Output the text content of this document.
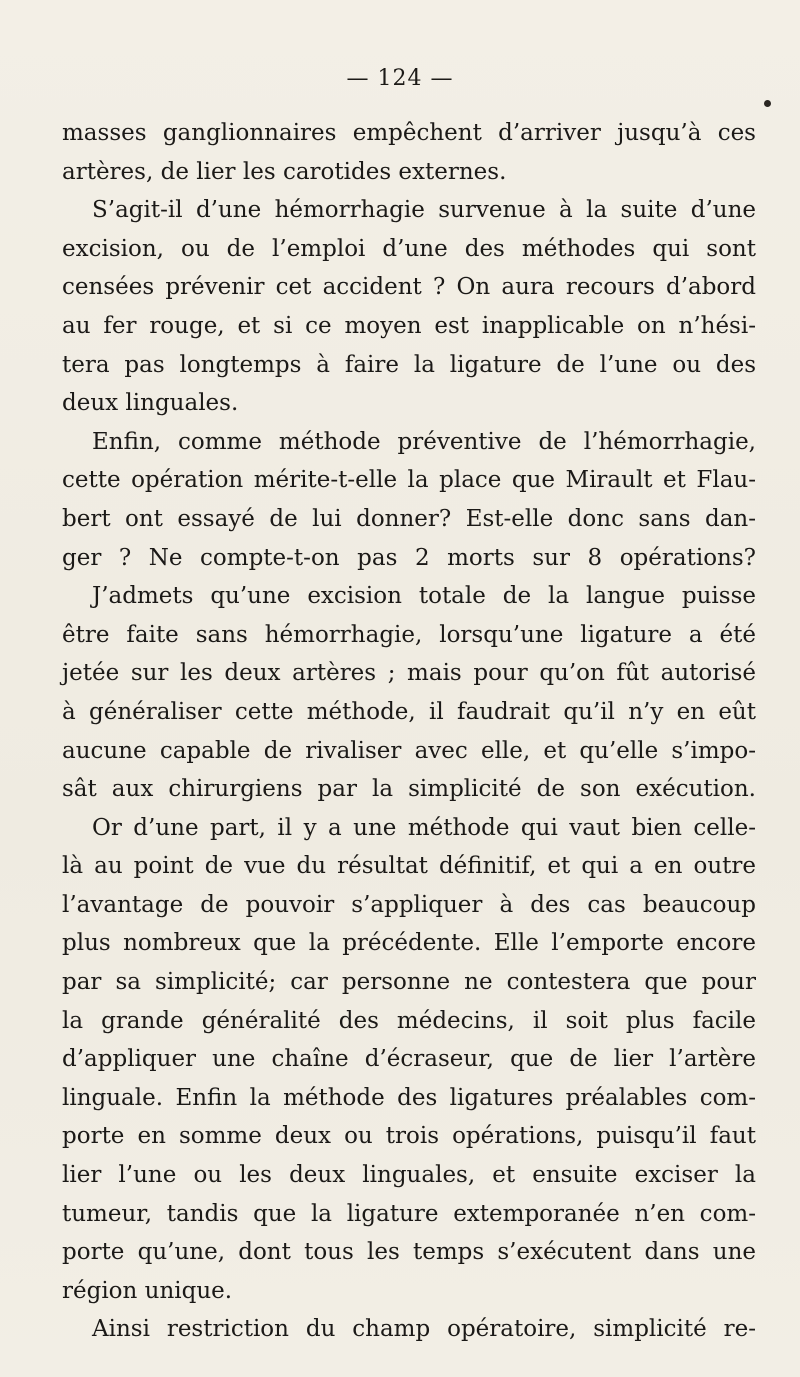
— 124 —
masses ganglionnaires empêchent d’arriver jusqu’à ces
artères, de lier les carotides externes.
S’agit-il d’une hémorrhagie survenue à la suite d’une
excision, ou de l’emploi d’une des méthodes qui sont
censées prévenir cet accident ? On aura recours d’abord
au fer rouge, et si ce moyen est inapplicable on n’hési-
tera pas longtemps à faire la ligature de l’une ou des
deux linguales.
Enfin, comme méthode préventive de l’hémorrhagie,
cette opération mérite-t-elle la place que Mirault et Flau-
bert ont essayé de lui donner? Est-elle donc sans dan-
ger ? Ne compte-t-on pas 2 morts sur 8 opérations?
J’admets qu’une excision totale de la langue puisse
être faite sans hémorrhagie, lorsqu’une ligature a été
jetée sur les deux artères ; mais pour qu’on fût autorisé
à généraliser cette méthode, il faudrait qu’il n’y en eût
aucune capable de rivaliser avec elle, et qu’elle s’impo-
sât aux chirurgiens par la simplicité de son exécution.
Or d’une part, il y a une méthode qui vaut bien celle-
là au point de vue du résultat définitif, et qui a en outre
l’avantage de pouvoir s’appliquer à des cas beaucoup
plus nombreux que la précédente. Elle l’emporte encore
par sa simplicité; car personne ne contestera que pour
la grande généralité des médecins, il soit plus facile
d’appliquer une chaîne d’écraseur, que de lier l’artère
linguale. Enfin la méthode des ligatures préalables com-
porte en somme deux ou trois opérations, puisqu’il faut
lier l’une ou les deux linguales, et ensuite exciser la
tumeur, tandis que la ligature extemporanée n’en com-
porte qu’une, dont tous les temps s’exécutent dans une
région unique.
Ainsi restriction du champ opératoire, simplicité re-
